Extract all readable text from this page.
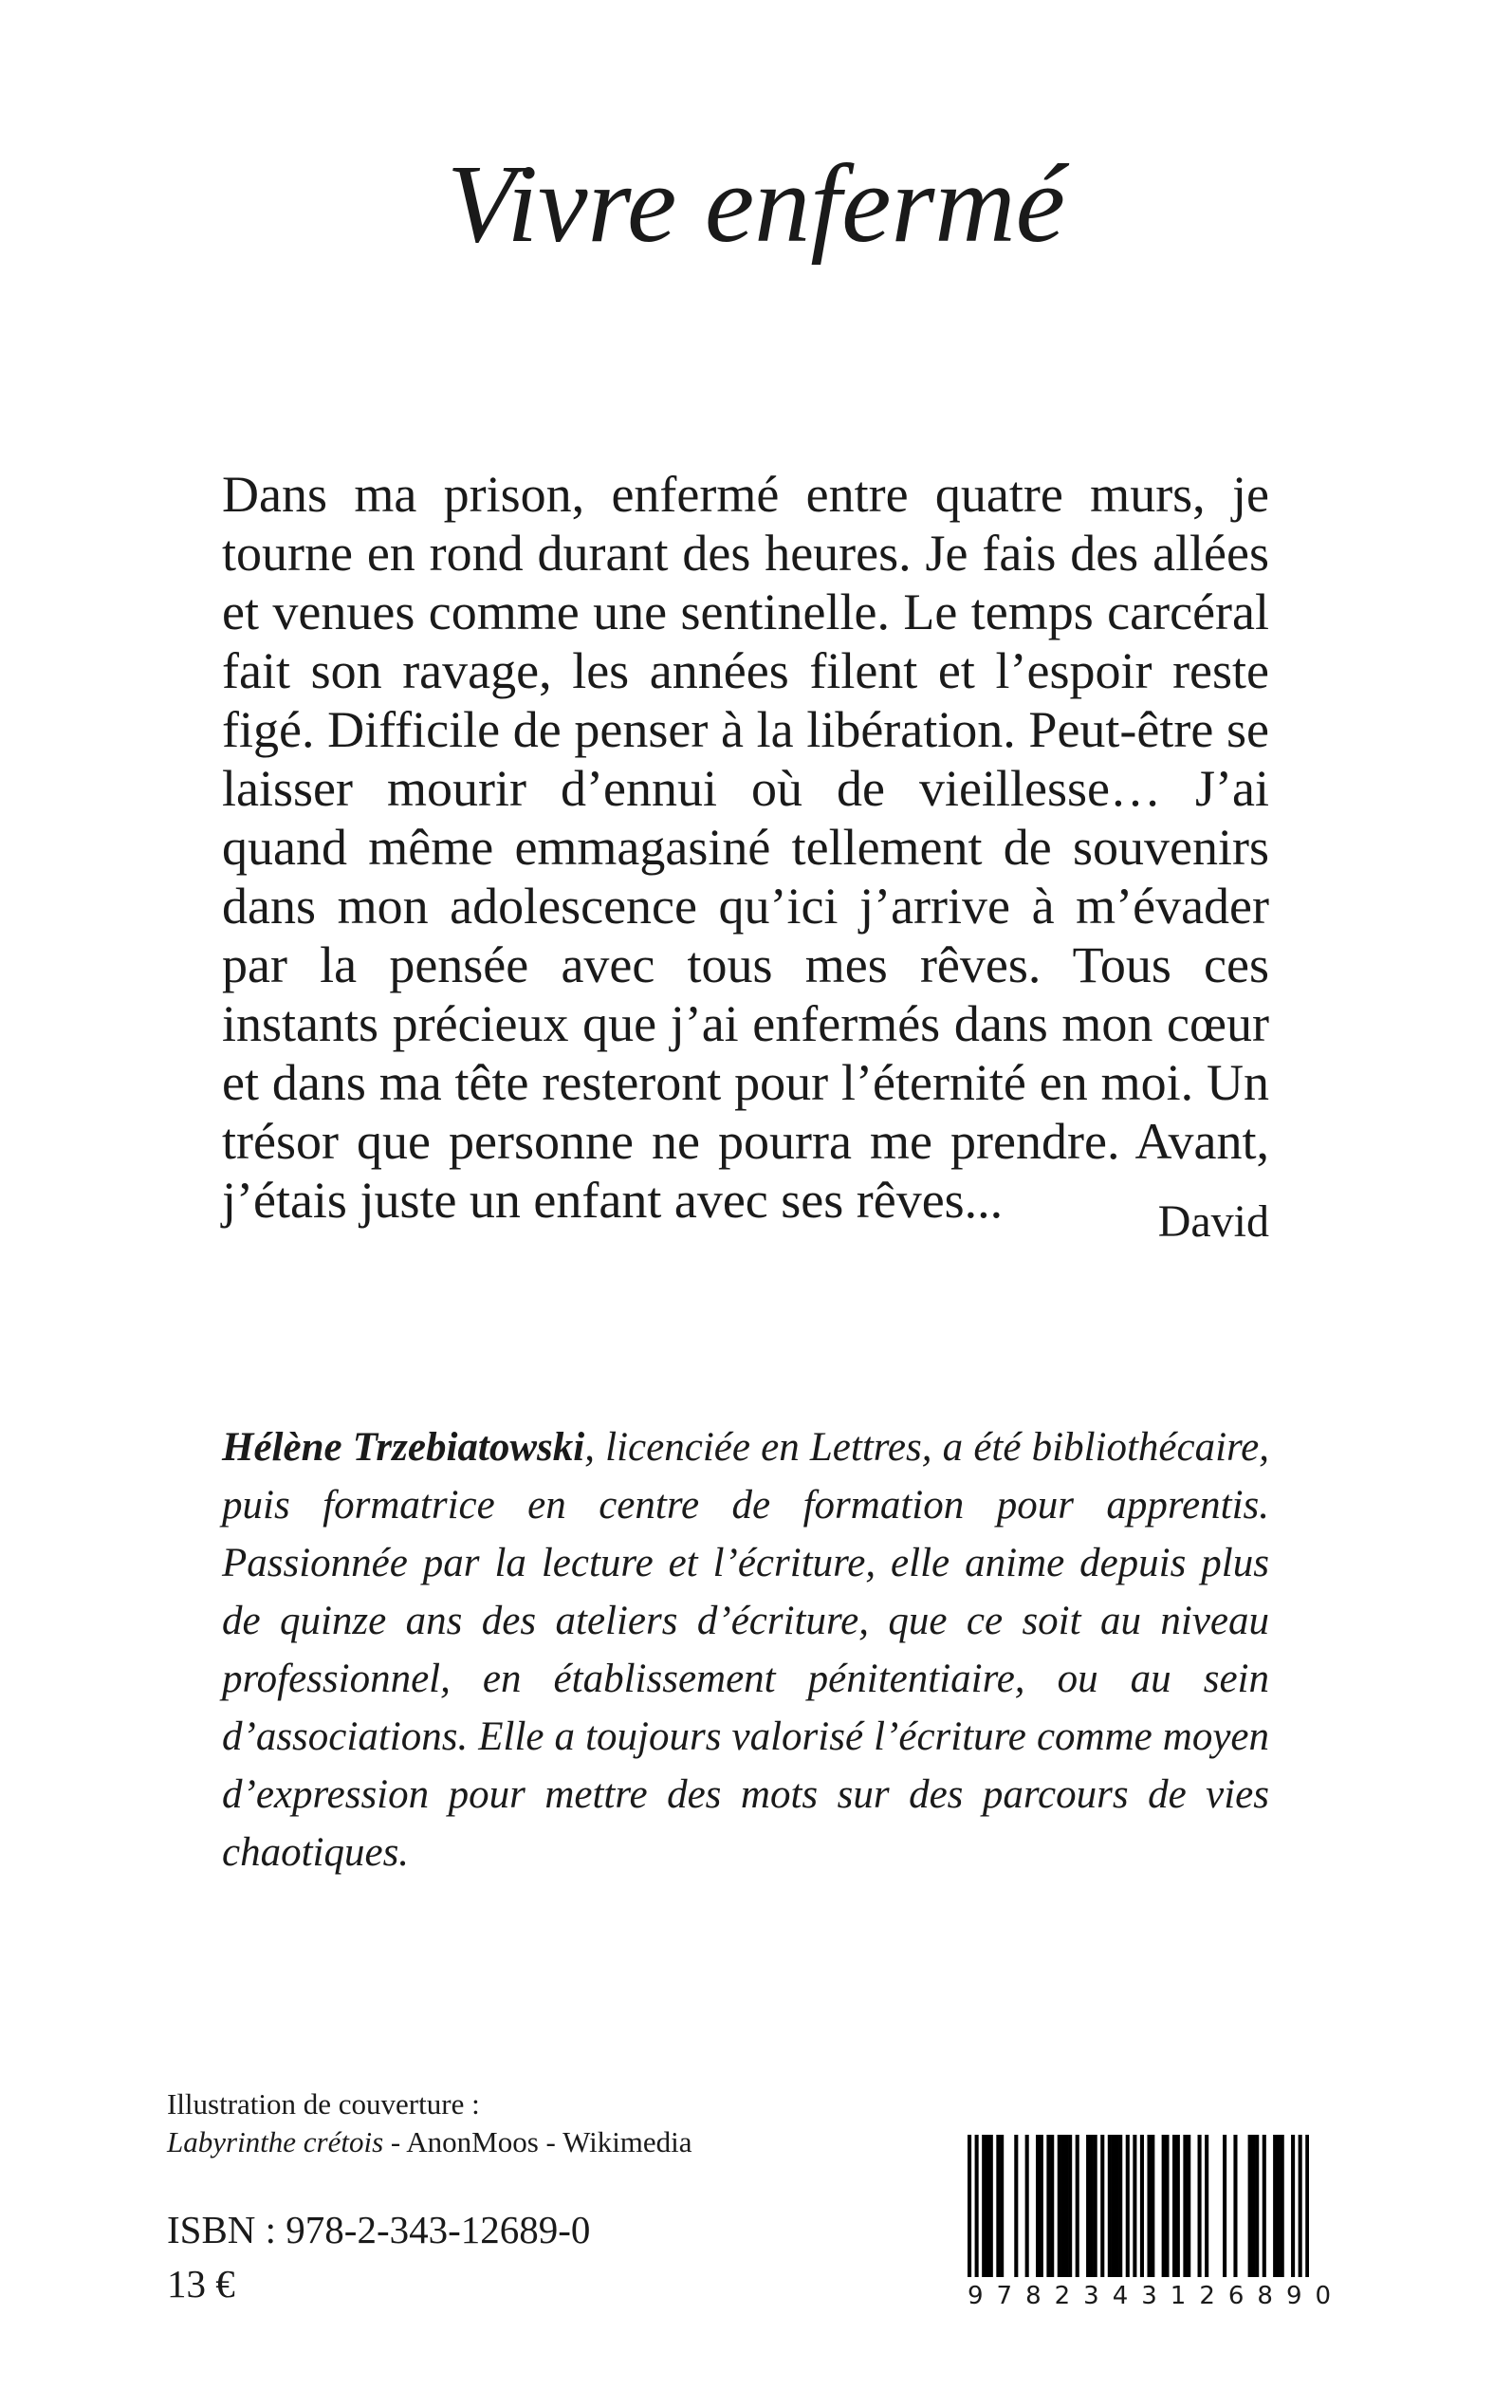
Vivre enfermé

Dans ma prison, enfermé entre quatre murs, je tourne en rond durant des heures. Je fais des allées et venues comme une sentinelle. Le temps carcéral fait son ravage, les années filent et l’espoir reste figé. Difficile de penser à la libération. Peut-être se laisser mourir d’ennui où de vieillesse… J’ai quand même emmagasiné tellement de souvenirs dans mon adolescence qu’ici j’arrive à m’évader par la pensée avec tous mes rêves. Tous ces instants précieux que j’ai enfermés dans mon cœur et dans ma tête resteront pour l’éternité en moi. Un trésor que personne ne pourra me prendre. Avant, j’étais juste un enfant avec ses rêves...	David

Hélène Trzebiatowski, licenciée en Lettres, a été bibliothécaire, puis formatrice en centre de formation pour apprentis. Passionnée par la lecture et l’écriture, elle anime depuis plus de quinze ans des ateliers d’écriture, que ce soit au niveau professionnel, en établissement pénitentiaire, ou au sein d’associations. Elle a toujours valorisé l’écriture comme moyen d’expression pour mettre des mots sur des parcours de vies chaotiques.

Illustration de couverture :
Labyrinthe crétois - AnonMoos - Wikimedia
ISBN : 978-2-343-12689-0
13 €	9782343126890
